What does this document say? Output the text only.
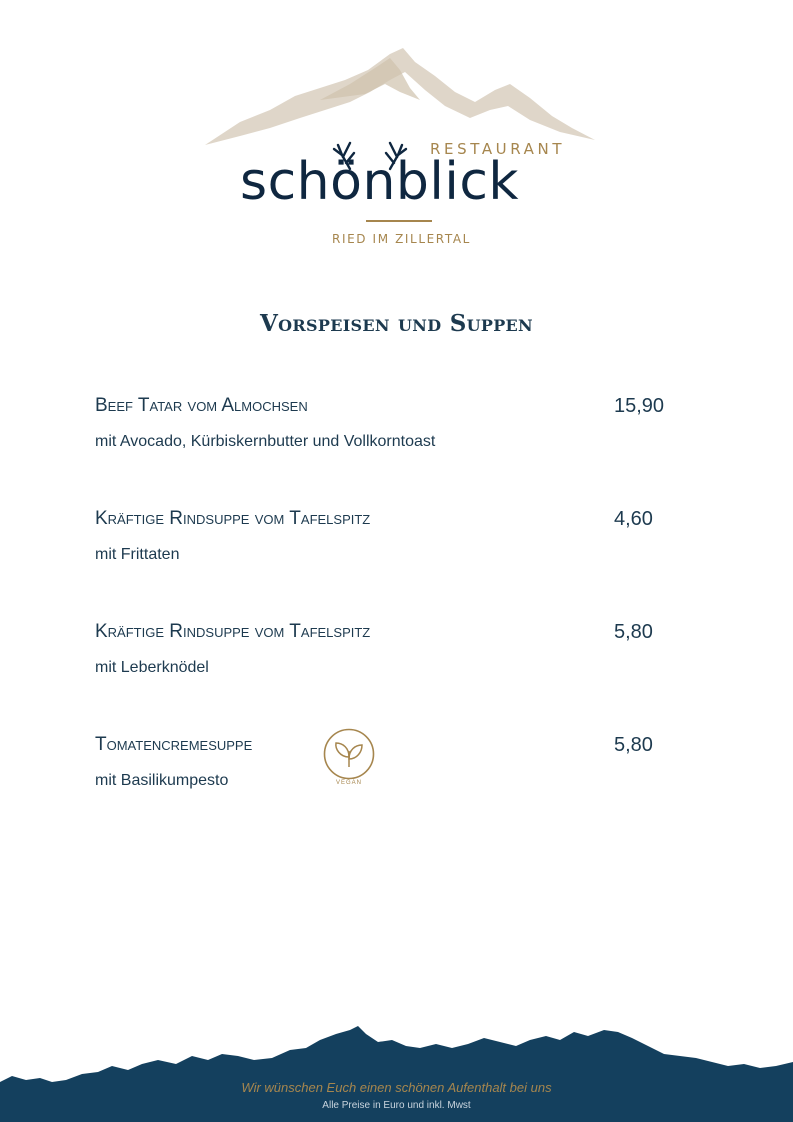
RESTAURANT
schönblick
RIED IM ZILLERTAL
Vorspeisen und Suppen
Beef Tatar vom Almochsen	15,90
mit Avocado, Kürbiskernbutter und Vollkorntoast
Kräftige Rindsuppe vom Tafelspitz	4,60
mit Frittaten
Kräftige Rindsuppe vom Tafelspitz	5,80
mit Leberknödel
Tomatencremesuppe	5,80
mit Basilikumpesto	VEGAN
Wir wünschen Euch einen schönen Aufenthalt bei uns
Alle Preise in Euro und inkl. Mwst
